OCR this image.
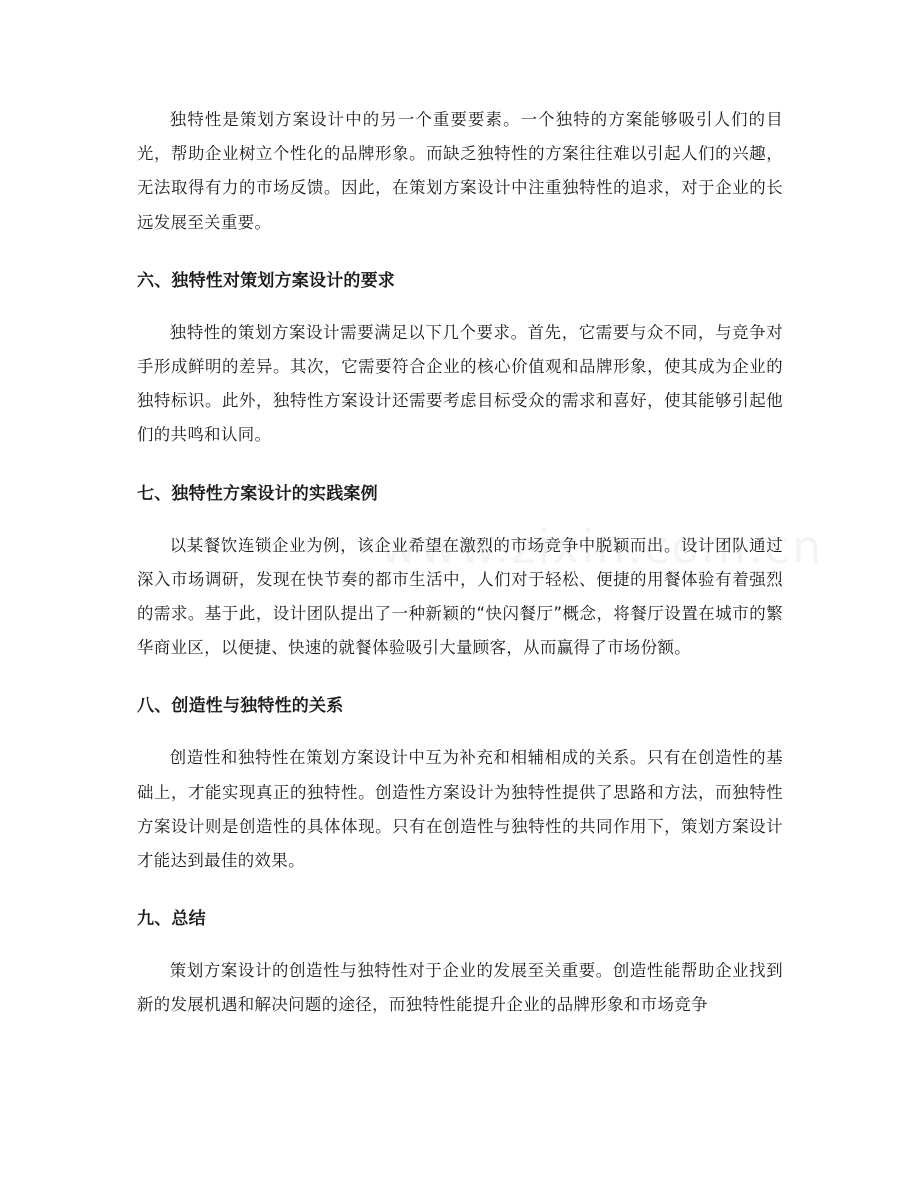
独特性是策划方案设计中的另一个重要要素。一个独特的方案能够吸引人们的目光，帮助企业树立个性化的品牌形象。而缺乏独特性的方案往往难以引起人们的兴趣，无法取得有力的市场反馈。因此，在策划方案设计中注重独特性的追求，对于企业的长远发展至关重要。

六、独特性对策划方案设计的要求

独特性的策划方案设计需要满足以下几个要求。首先，它需要与众不同，与竞争对手形成鲜明的差异。其次，它需要符合企业的核心价值观和品牌形象，使其成为企业的独特标识。此外，独特性方案设计还需要考虑目标受众的需求和喜好，使其能够引起他们的共鸣和认同。

七、独特性方案设计的实践案例

以某餐饮连锁企业为例，该企业希望在激烈的市场竞争中脱颖而出。设计团队通过深入市场调研，发现在快节奏的都市生活中，人们对于轻松、便捷的用餐体验有着强烈的需求。基于此，设计团队提出了一种新颖的“快闪餐厅”概念，将餐厅设置在城市的繁华商业区，以便捷、快速的就餐体验吸引大量顾客，从而赢得了市场份额。

八、创造性与独特性的关系

创造性和独特性在策划方案设计中互为补充和相辅相成的关系。只有在创造性的基础上，才能实现真正的独特性。创造性方案设计为独特性提供了思路和方法，而独特性方案设计则是创造性的具体体现。只有在创造性与独特性的共同作用下，策划方案设计才能达到最佳的效果。

九、总结

策划方案设计的创造性与独特性对于企业的发展至关重要。创造性能帮助企业找到新的发展机遇和解决问题的途径，而独特性能提升企业的品牌形象和市场竞争
